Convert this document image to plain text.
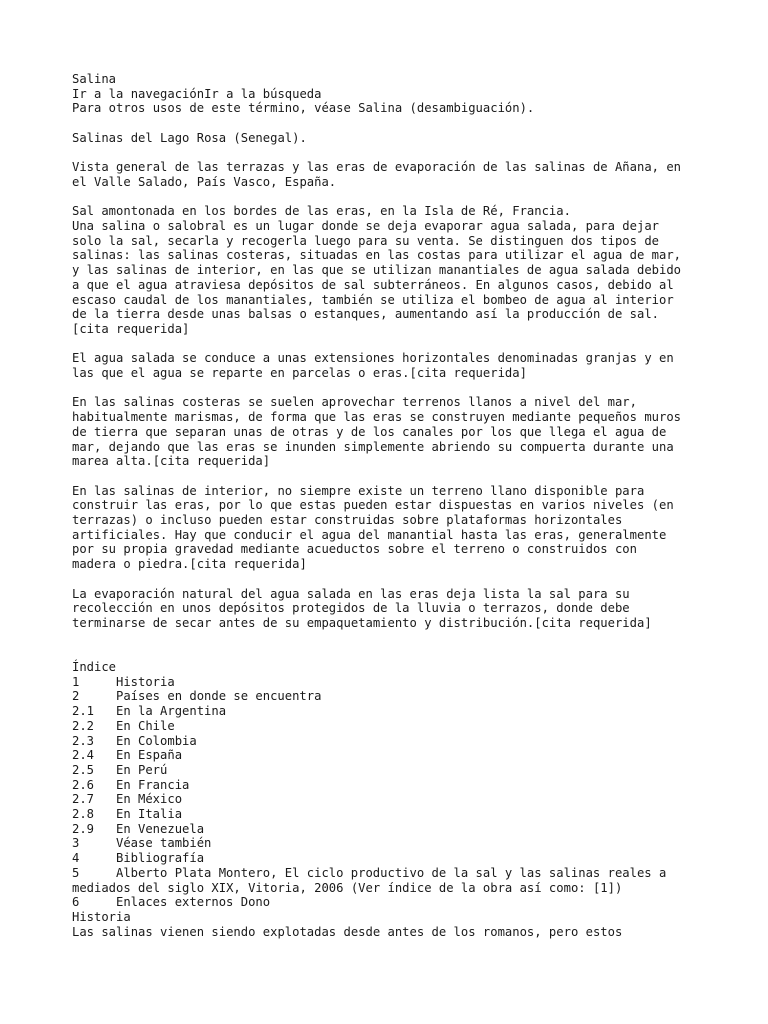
Salina

Ir a la navegaciónIr a la búsqueda

Para otros usos de este término, véase Salina (desambiguación).

Salinas del Lago Rosa (Senegal).

Vista general de las terrazas y las eras de evaporación de las salinas de Añana, en

el Valle Salado, País Vasco, España.

Sal amontonada en los bordes de las eras, en la Isla de Ré, Francia.

Una salina o salobral es un lugar donde se deja evaporar agua salada, para dejar

solo la sal, secarla y recogerla luego para su venta. Se distinguen dos tipos de

salinas: las salinas costeras, situadas en las costas para utilizar el agua de mar,

y las salinas de interior, en las que se utilizan manantiales de agua salada debido

a que el agua atraviesa depósitos de sal subterráneos. En algunos casos, debido al

escaso caudal de los manantiales, también se utiliza el bombeo de agua al interior

de la tierra desde unas balsas o estanques, aumentando así la producción de sal.

[cita requerida]

El agua salada se conduce a unas extensiones horizontales denominadas granjas y en

las que el agua se reparte en parcelas o eras.[cita requerida]

En las salinas costeras se suelen aprovechar terrenos llanos a nivel del mar,

habitualmente marismas, de forma que las eras se construyen mediante pequeños muros

de tierra que separan unas de otras y de los canales por los que llega el agua de

mar, dejando que las eras se inunden simplemente abriendo su compuerta durante una

marea alta.[cita requerida]

En las salinas de interior, no siempre existe un terreno llano disponible para

construir las eras, por lo que estas pueden estar dispuestas en varios niveles (en

terrazas) o incluso pueden estar construidas sobre plataformas horizontales

artificiales. Hay que conducir el agua del manantial hasta las eras, generalmente

por su propia gravedad mediante acueductos sobre el terreno o construidos con

madera o piedra.[cita requerida]

La evaporación natural del agua salada en las eras deja lista la sal para su

recolección en unos depósitos protegidos de la lluvia o terrazos, donde debe

terminarse de secar antes de su empaquetamiento y distribución.[cita requerida]

Índice

1	Historia
2	Países en donde se encuentra
2.1	En la Argentina
2.2	En Chile
2.3	En Colombia
2.4	En España
2.5	En Perú
2.6	En Francia
2.7	En México
2.8	En Italia
2.9	En Venezuela
3	Véase también
4	Bibliografía
5	Alberto Plata Montero, El ciclo productivo de la sal y las salinas reales a

mediados del siglo XIX, Vitoria, 2006 (Ver índice de la obra así como: [1])

6	Enlaces externos Dono

Historia

Las salinas vienen siendo explotadas desde antes de los romanos, pero estos
